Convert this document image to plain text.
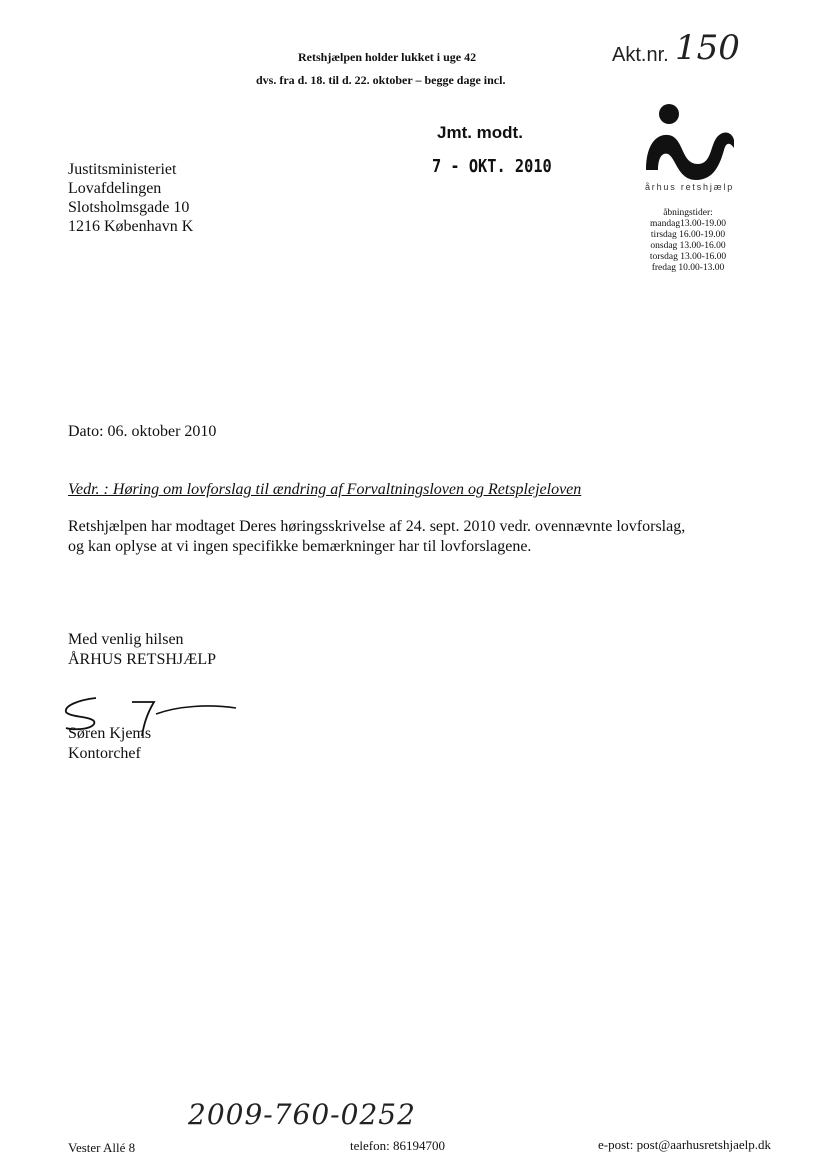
Retshjælpen holder lukket i uge 42
dvs. fra d. 18. til d. 22. oktober – begge dage incl.
Akt.nr. 150
Jmt. modt.
7 - OKT. 2010
århus retshjælp
åbningstider:
mandag13.00-19.00
tirsdag 16.00-19.00
onsdag 13.00-16.00
torsdag 13.00-16.00
fredag 10.00-13.00
Justitsministeriet
Lovafdelingen
Slotsholmsgade 10
1216 København K
Dato: 06. oktober 2010
Vedr. : Høring om lovforslag til ændring af Forvaltningsloven og Retsplejeloven
Retshjælpen har modtaget Deres høringsskrivelse af 24. sept. 2010 vedr. ovennævnte lovforslag,
og kan oplyse at vi ingen specifikke bemærkninger har til lovforslagene.
Med venlig hilsen
ÅRHUS RETSHJÆLP
Søren Kjems
Kontorchef
2009-760-0252
Vester Allé 8	telefon: 86194700	e-post: post@aarhusretshjaelp.dk
